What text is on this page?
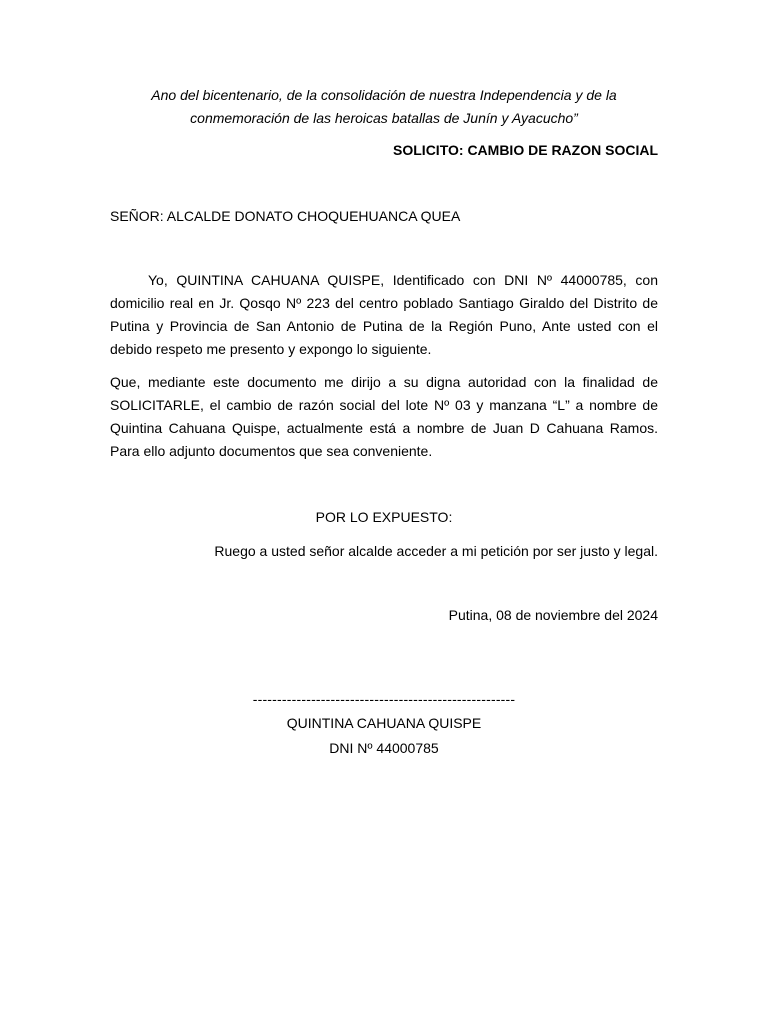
Ano del bicentenario, de la consolidación de nuestra Independencia y de la
conmemoración de las heroicas batallas de Junín y Ayacucho”

SOLICITO: CAMBIO DE RAZON SOCIAL

SEÑOR: ALCALDE DONATO CHOQUEHUANCA QUEA

Yo, QUINTINA CAHUANA QUISPE, Identificado con DNI Nº 44000785, con domicilio real en Jr. Qosqo Nº 223 del centro poblado Santiago Giraldo del Distrito de Putina y Provincia de San Antonio de Putina de la Región Puno, Ante usted con el debido respeto me presento y expongo lo siguiente.

Que, mediante este documento me dirijo a su digna autoridad con la finalidad de SOLICITARLE, el cambio de razón social del lote Nº 03 y manzana “L” a nombre de Quintina Cahuana Quispe, actualmente está a nombre de Juan D Cahuana Ramos. Para ello adjunto documentos que sea conveniente.

POR LO EXPUESTO:

Ruego a usted señor alcalde acceder a mi petición por ser justo y legal.

Putina, 08 de noviembre del 2024

------------------------------------------------------

QUINTINA CAHUANA QUISPE

DNI Nº 44000785
